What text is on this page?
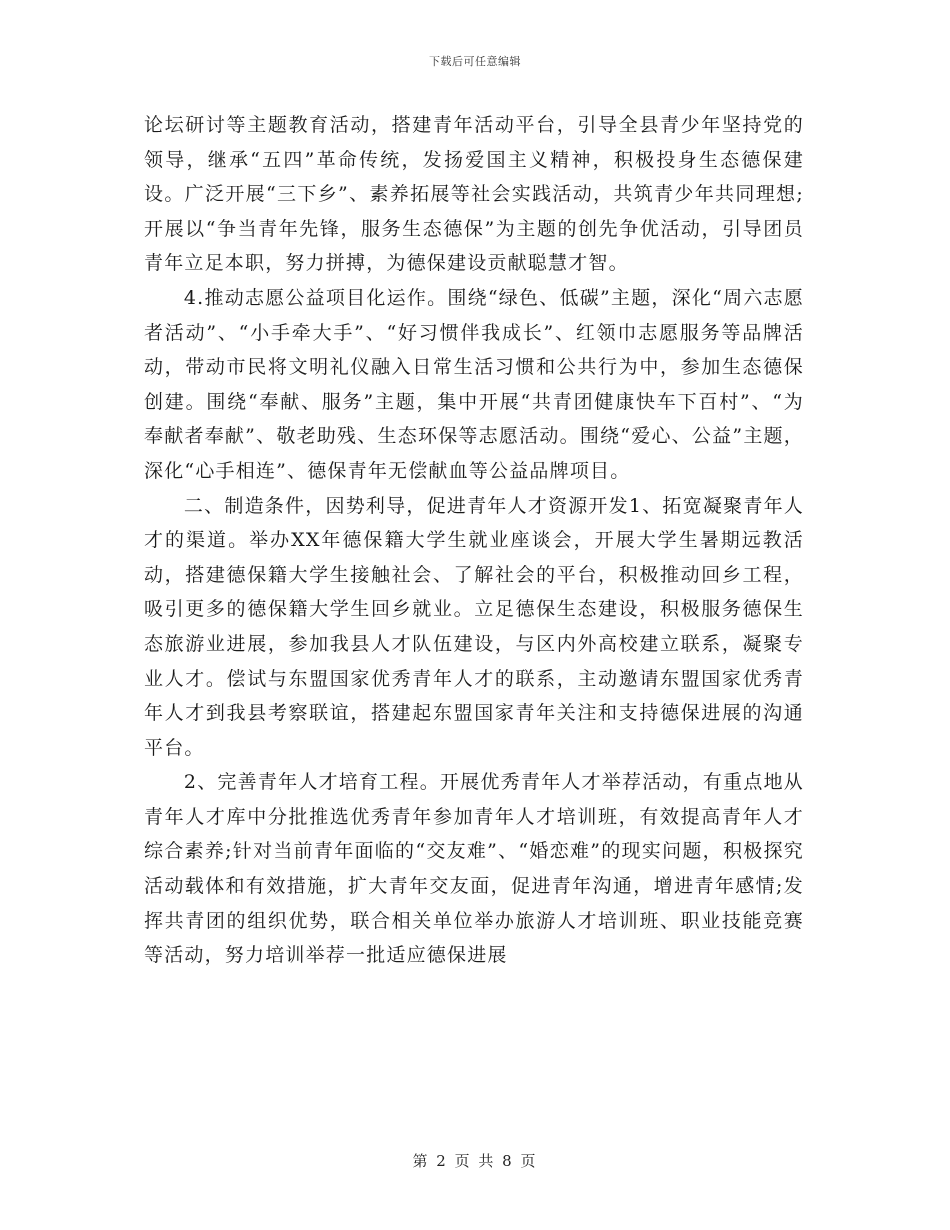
下载后可任意编辑

论坛研讨等主题教育活动，搭建青年活动平台，引导全县青少年坚持党的领导，继承“五四”革命传统，发扬爱国主义精神，积极投身生态德保建设。广泛开展“三下乡”、素养拓展等社会实践活动，共筑青少年共同理想;开展以“争当青年先锋，服务生态德保”为主题的创先争优活动，引导团员青年立足本职，努力拼搏，为德保建设贡献聪慧才智。

4.推动志愿公益项目化运作。围绕“绿色、低碳”主题，深化“周六志愿者活动”、“小手牵大手”、“好习惯伴我成长”、红领巾志愿服务等品牌活动，带动市民将文明礼仪融入日常生活习惯和公共行为中，参加生态德保创建。围绕“奉献、服务”主题，集中开展“共青团健康快车下百村”、“为奉献者奉献”、敬老助残、生态环保等志愿活动。围绕“爱心、公益”主题，深化“心手相连”、德保青年无偿献血等公益品牌项目。

二、制造条件，因势利导，促进青年人才资源开发1、拓宽凝聚青年人才的渠道。举办XX年德保籍大学生就业座谈会，开展大学生暑期远教活动，搭建德保籍大学生接触社会、了解社会的平台，积极推动回乡工程，吸引更多的德保籍大学生回乡就业。立足德保生态建设，积极服务德保生态旅游业进展，参加我县人才队伍建设，与区内外高校建立联系，凝聚专业人才。偿试与东盟国家优秀青年人才的联系，主动邀请东盟国家优秀青年人才到我县考察联谊，搭建起东盟国家青年关注和支持德保进展的沟通平台。

2、完善青年人才培育工程。开展优秀青年人才举荐活动，有重点地从青年人才库中分批推选优秀青年参加青年人才培训班，有效提高青年人才综合素养;针对当前青年面临的“交友难”、“婚恋难”的现实问题，积极探究活动载体和有效措施，扩大青年交友面，促进青年沟通，增进青年感情;发挥共青团的组织优势，联合相关单位举办旅游人才培训班、职业技能竞赛等活动，努力培训举荐一批适应德保进展

第 2 页 共 8 页
